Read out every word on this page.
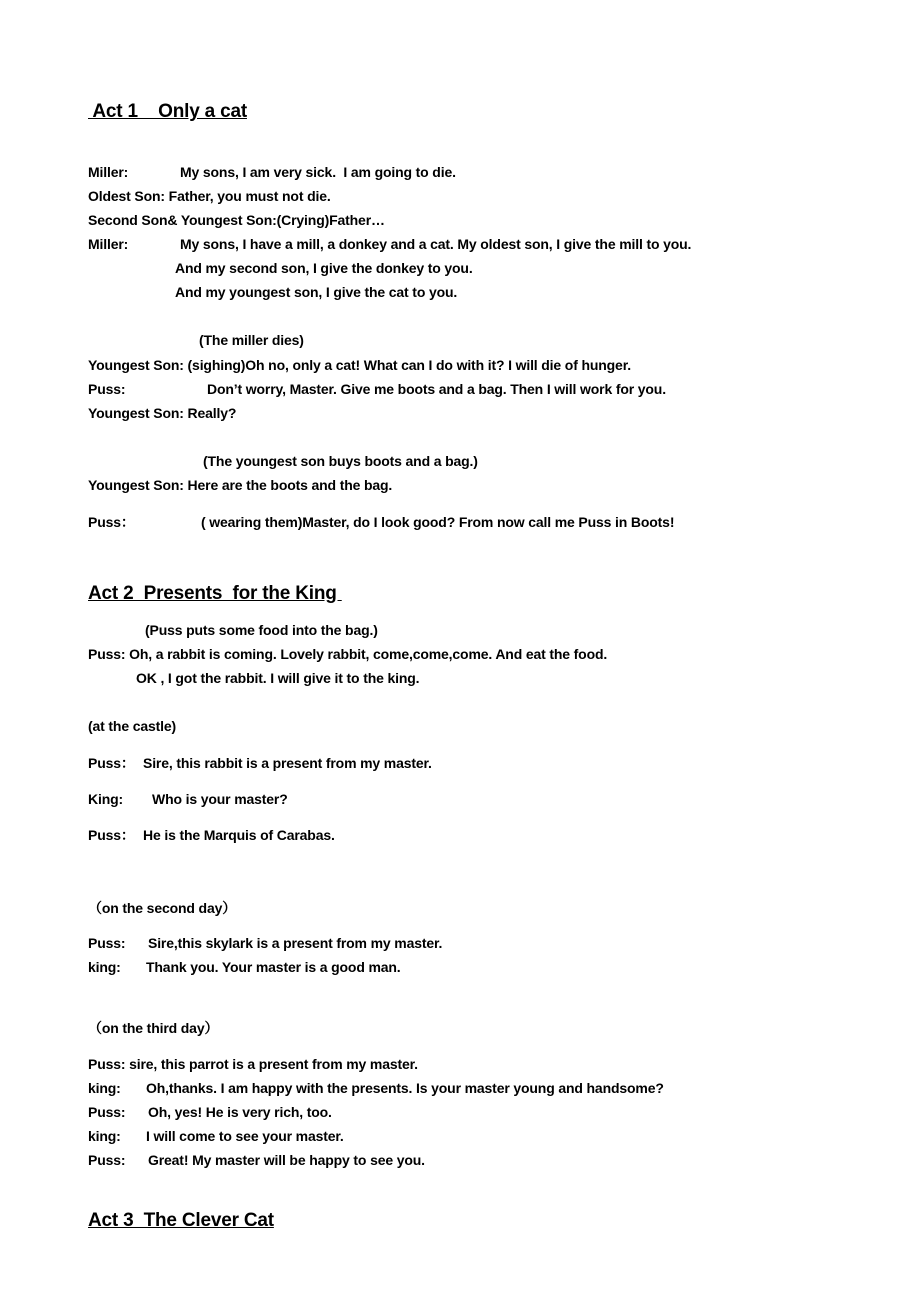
Act 1    Only a cat
Miller:	My sons, I am very sick.  I am going to die.
Oldest Son: Father, you must not die.
Second Son& Youngest Son:(Crying)Father…
Miller:	My sons, I have a mill, a donkey and a cat. My oldest son, I give the mill to you.
And my second son, I give the donkey to you.
And my youngest son, I give the cat to you.
(The miller dies)
Youngest Son: (sighing)Oh no, only a cat! What can I do with it? I will die of hunger.
Puss:	Don’t worry, Master. Give me boots and a bag. Then I will work for you.
Youngest Son: Really?
(The youngest son buys boots and a bag.)
Youngest Son: Here are the boots and the bag.
Puss：	( wearing them)Master, do I look good? From now call me Puss in Boots!
Act 2  Presents  for the King
(Puss puts some food into the bag.)
Puss: Oh, a rabbit is coming. Lovely rabbit, come,come,come. And eat the food.
OK , I got the rabbit. I will give it to the king.
(at the castle)
Puss： Sire, this rabbit is a present from my master.
King: Who is your master?
Puss： He is the Marquis of Carabas.
（on the second day）
Puss: Sire,this skylark is a present from my master.
king: Thank you. Your master is a good man.
（on the third day）
Puss: sire, this parrot is a present from my master.
king: Oh,thanks. I am happy with the presents. Is your master young and handsome?
Puss: Oh, yes! He is very rich, too.
king: I will come to see your master.
Puss: Great! My master will be happy to see you.
Act 3  The Clever Cat
